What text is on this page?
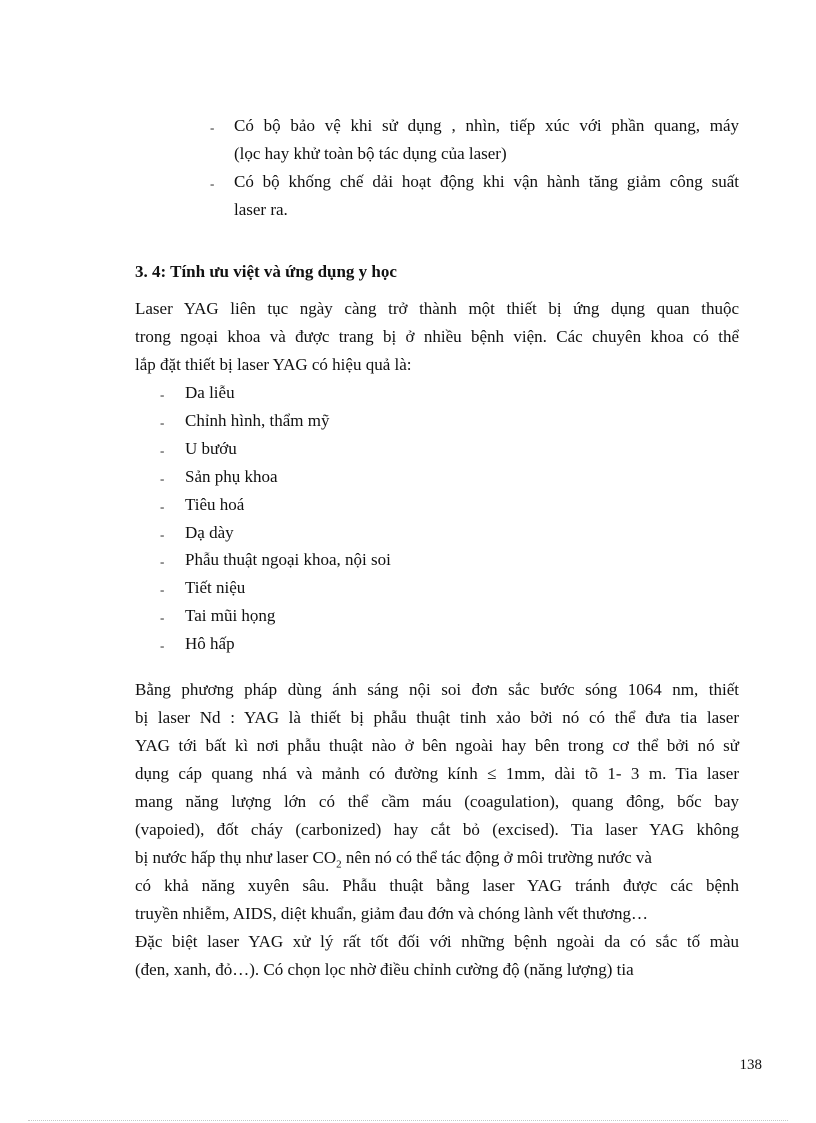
- Có bộ bảo vệ khi sử dụng , nhìn, tiếp xúc với phần quang, máy
(lọc hay khử toàn bộ tác dụng của laser)
- Có bộ khống chế dải hoạt động khi vận hành tăng giảm công suất
laser ra.
3. 4: Tính ưu việt và ứng dụng y học
Laser YAG liên tục ngày càng trở thành một thiết bị ứng dụng quan thuộc
trong ngoại khoa và được trang bị ở nhiều bệnh viện. Các chuyên khoa có thể
lắp đặt thiết bị laser YAG có hiệu quả là:
- Da liễu
- Chỉnh hình, thẩm mỹ
- U bướu
- Sản phụ khoa
- Tiêu hoá
- Dạ dày
- Phẫu thuật ngoại khoa, nội soi
- Tiết niệu
- Tai mũi họng
- Hô hấp
Bằng phương pháp dùng ánh sáng nội soi đơn sắc bước sóng 1064 nm, thiết
bị laser Nd : YAG là thiết bị phẫu thuật tinh xảo bởi nó có thể đưa tia laser
YAG tới bất kì nơi phẫu thuật nào ở bên ngoài hay bên trong cơ thể bởi nó sử
dụng cáp quang nhá và mảnh có đường kính ≤ 1mm, dài tõ 1- 3 m. Tia laser
mang năng lượng lớn có thể cầm máu (coagulation), quang đông, bốc bay
(vapoied), đốt cháy (carbonized) hay cắt bỏ (excised). Tia laser YAG không
bị nước hấp thụ như laser $CO_2$ nên nó có thể tác động ở môi trường nước và
có khả năng xuyên sâu. Phẫu thuật bằng laser YAG tránh được các bệnh
truyền nhiễm, AIDS, diệt khuẩn, giảm đau đớn và chóng lành vết thương…
Đặc biệt laser YAG xử lý rất tốt đối với những bệnh ngoài da có sắc tố màu
(đen, xanh, đỏ…). Có chọn lọc nhờ điều chỉnh cường độ (năng lượng) tia
138
